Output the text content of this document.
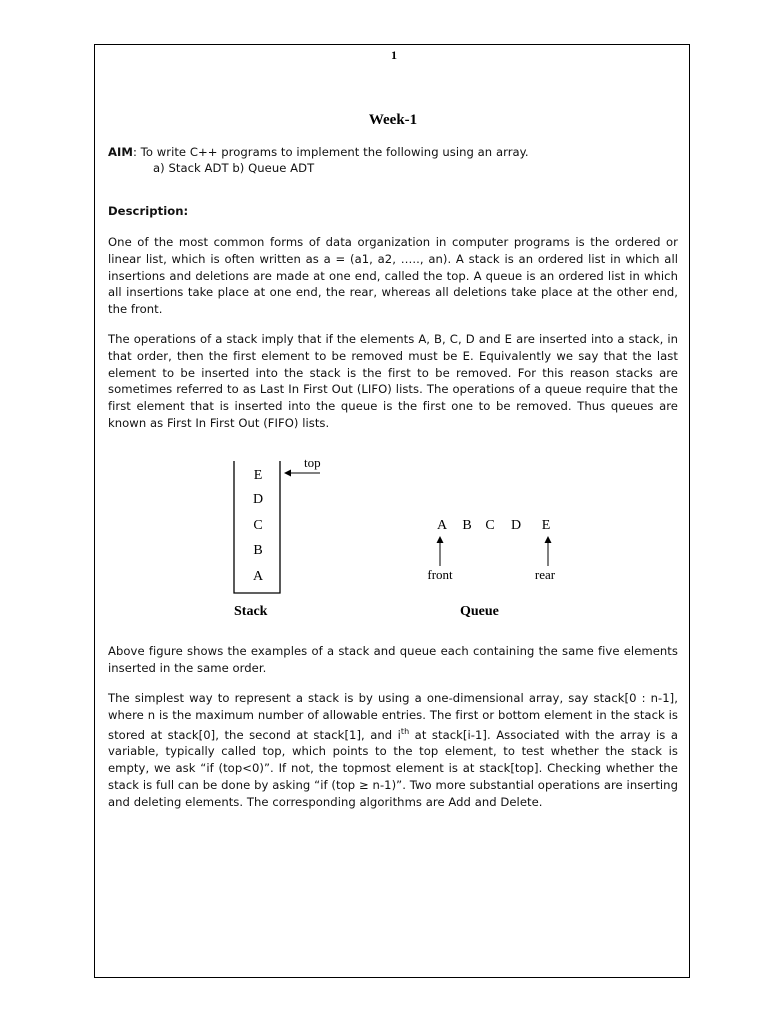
1
Week-1
AIM: To write C++ programs to implement the following using an array.
a) Stack ADT b) Queue ADT
Description:

One of the most common forms of data organization in computer programs is the ordered or linear list, which is often written as a = (a1, a2, ….., an). A stack is an ordered list in which all insertions and deletions are made at one end, called the top. A queue is an ordered list in which all insertions take place at one end, the rear, whereas all deletions take place at the other end, the front.

The operations of a stack imply that if the elements A, B, C, D and E are inserted into a stack, in that order, then the first element to be removed must be E. Equivalently we say that the last element to be inserted into the stack is the first to be removed. For this reason stacks are sometimes referred to as Last In First Out (LIFO) lists. The operations of a queue require that the first element that is inserted into the queue is the first one to be removed. Thus queues are known as First In First Out (FIFO) lists.

E
D
C
B
A
top
A B C D E
front	rear
Stack	Queue

Above figure shows the examples of a stack and queue each containing the same five elements inserted in the same order.

The simplest way to represent a stack is by using a one-dimensional array, say stack[0 : n-1], where n is the maximum number of allowable entries. The first or bottom element in the stack is stored at stack[0], the second at stack[1], and $i^{th}$ at stack[i-1]. Associated with the array is a variable, typically called top, which points to the top element, to test whether the stack is empty, we ask “if (top<0)”. If not, the topmost element is at stack[top]. Checking whether the stack is full can be done by asking “if (top ≥ n-1)”. Two more substantial operations are inserting and deleting elements. The corresponding algorithms are Add and Delete.
